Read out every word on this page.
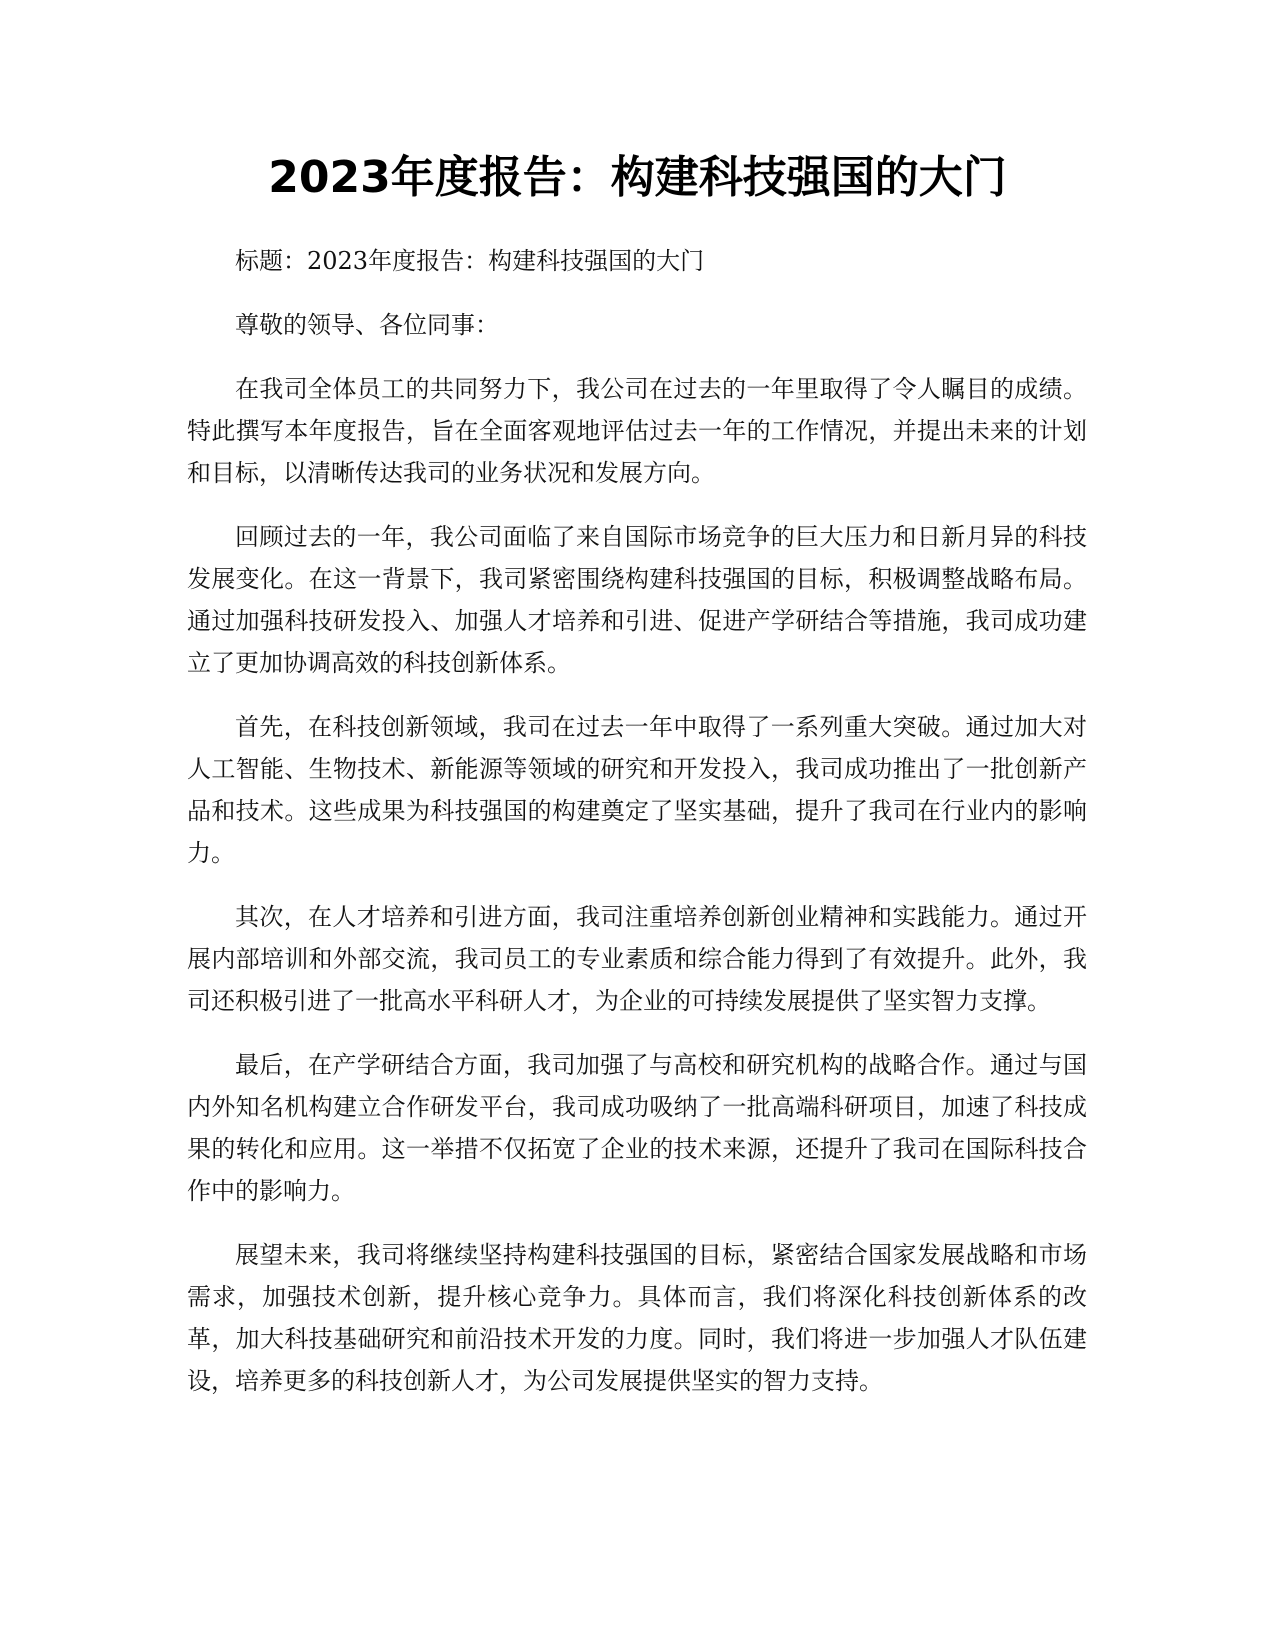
2023年度报告：构建科技强国的大门

标题：2023年度报告：构建科技强国的大门

尊敬的领导、各位同事：

在我司全体员工的共同努力下，我公司在过去的一年里取得了令人瞩目的成绩。特此撰写本年度报告，旨在全面客观地评估过去一年的工作情况，并提出未来的计划和目标，以清晰传达我司的业务状况和发展方向。

回顾过去的一年，我公司面临了来自国际市场竞争的巨大压力和日新月异的科技发展变化。在这一背景下，我司紧密围绕构建科技强国的目标，积极调整战略布局。通过加强科技研发投入、加强人才培养和引进、促进产学研结合等措施，我司成功建立了更加协调高效的科技创新体系。

首先，在科技创新领域，我司在过去一年中取得了一系列重大突破。通过加大对人工智能、生物技术、新能源等领域的研究和开发投入，我司成功推出了一批创新产品和技术。这些成果为科技强国的构建奠定了坚实基础，提升了我司在行业内的影响力。

其次，在人才培养和引进方面，我司注重培养创新创业精神和实践能力。通过开展内部培训和外部交流，我司员工的专业素质和综合能力得到了有效提升。此外，我司还积极引进了一批高水平科研人才，为企业的可持续发展提供了坚实智力支撑。

最后，在产学研结合方面，我司加强了与高校和研究机构的战略合作。通过与国内外知名机构建立合作研发平台，我司成功吸纳了一批高端科研项目，加速了科技成果的转化和应用。这一举措不仅拓宽了企业的技术来源，还提升了我司在国际科技合作中的影响力。

展望未来，我司将继续坚持构建科技强国的目标，紧密结合国家发展战略和市场需求，加强技术创新，提升核心竞争力。具体而言，我们将深化科技创新体系的改革，加大科技基础研究和前沿技术开发的力度。同时，我们将进一步加强人才队伍建设，培养更多的科技创新人才，为公司发展提供坚实的智力支持。
